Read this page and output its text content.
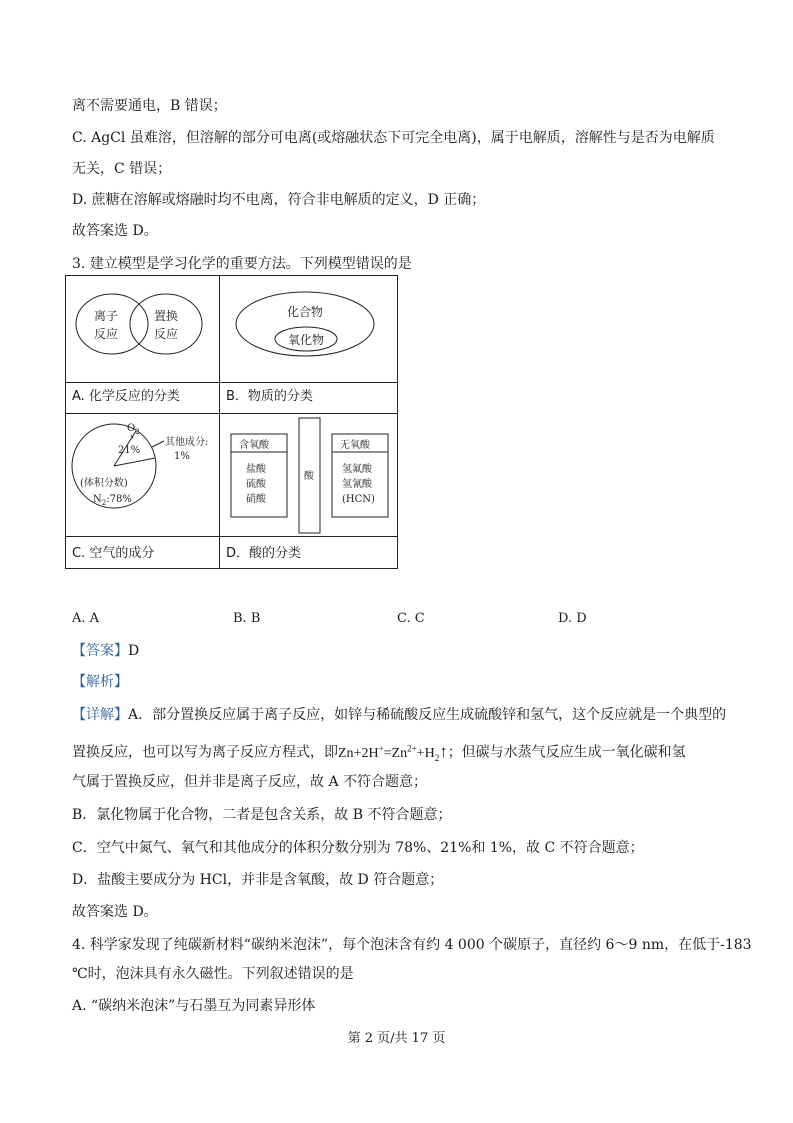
离不需要通电，B 错误；
C. AgCl 虽难溶，但溶解的部分可电离(或熔融状态下可完全电离)，属于电解质，溶解性与是否为电解质
无关，C 错误；
D. 蔗糖在溶解或熔融时均不电离，符合非电解质的定义，D 正确；
故答案选 D。
3. 建立模型是学习化学的重要方法。下列模型错误的是
离子
反应
置换
反应
A. 化学反应的分类
化合物
氧化物
B．物质的分类
$O_2$
21%
其他成分:
1%
(体积分数)
$N_2:78\%$
C. 空气的成分
含氧酸
盐酸
硫酸
硝酸
酸
无氧酸
氢氟酸
氢氰酸
(HCN)
D．酸的分类
A. A	B. B	C. C	D. D
【答案】D
【解析】
【详解】A．部分置换反应属于离子反应，如锌与稀硫酸反应生成硫酸锌和氢气，这个反应就是一个典型的
置换反应，也可以写为离子反应方程式，即$Zn+2H^+=Zn^{2+}+H_2↑$；但碳与水蒸气反应生成一氧化碳和氢
气属于置换反应，但并非是离子反应，故 A 不符合题意；
B．氯化物属于化合物，二者是包含关系，故 B 不符合题意；
C．空气中氮气、氧气和其他成分的体积分数分别为 78%、21%和 1%，故 C 不符合题意；
D．盐酸主要成分为 HCl，并非是含氧酸，故 D 符合题意；
故答案选 D。
4. 科学家发现了纯碳新材料“碳纳米泡沫”，每个泡沫含有约 4 000 个碳原子，直径约 6～9 nm，在低于-183
℃时，泡沫具有永久磁性。下列叙述错误的是
A. “碳纳米泡沫”与石墨互为同素异形体
第 2 页/共 17 页
